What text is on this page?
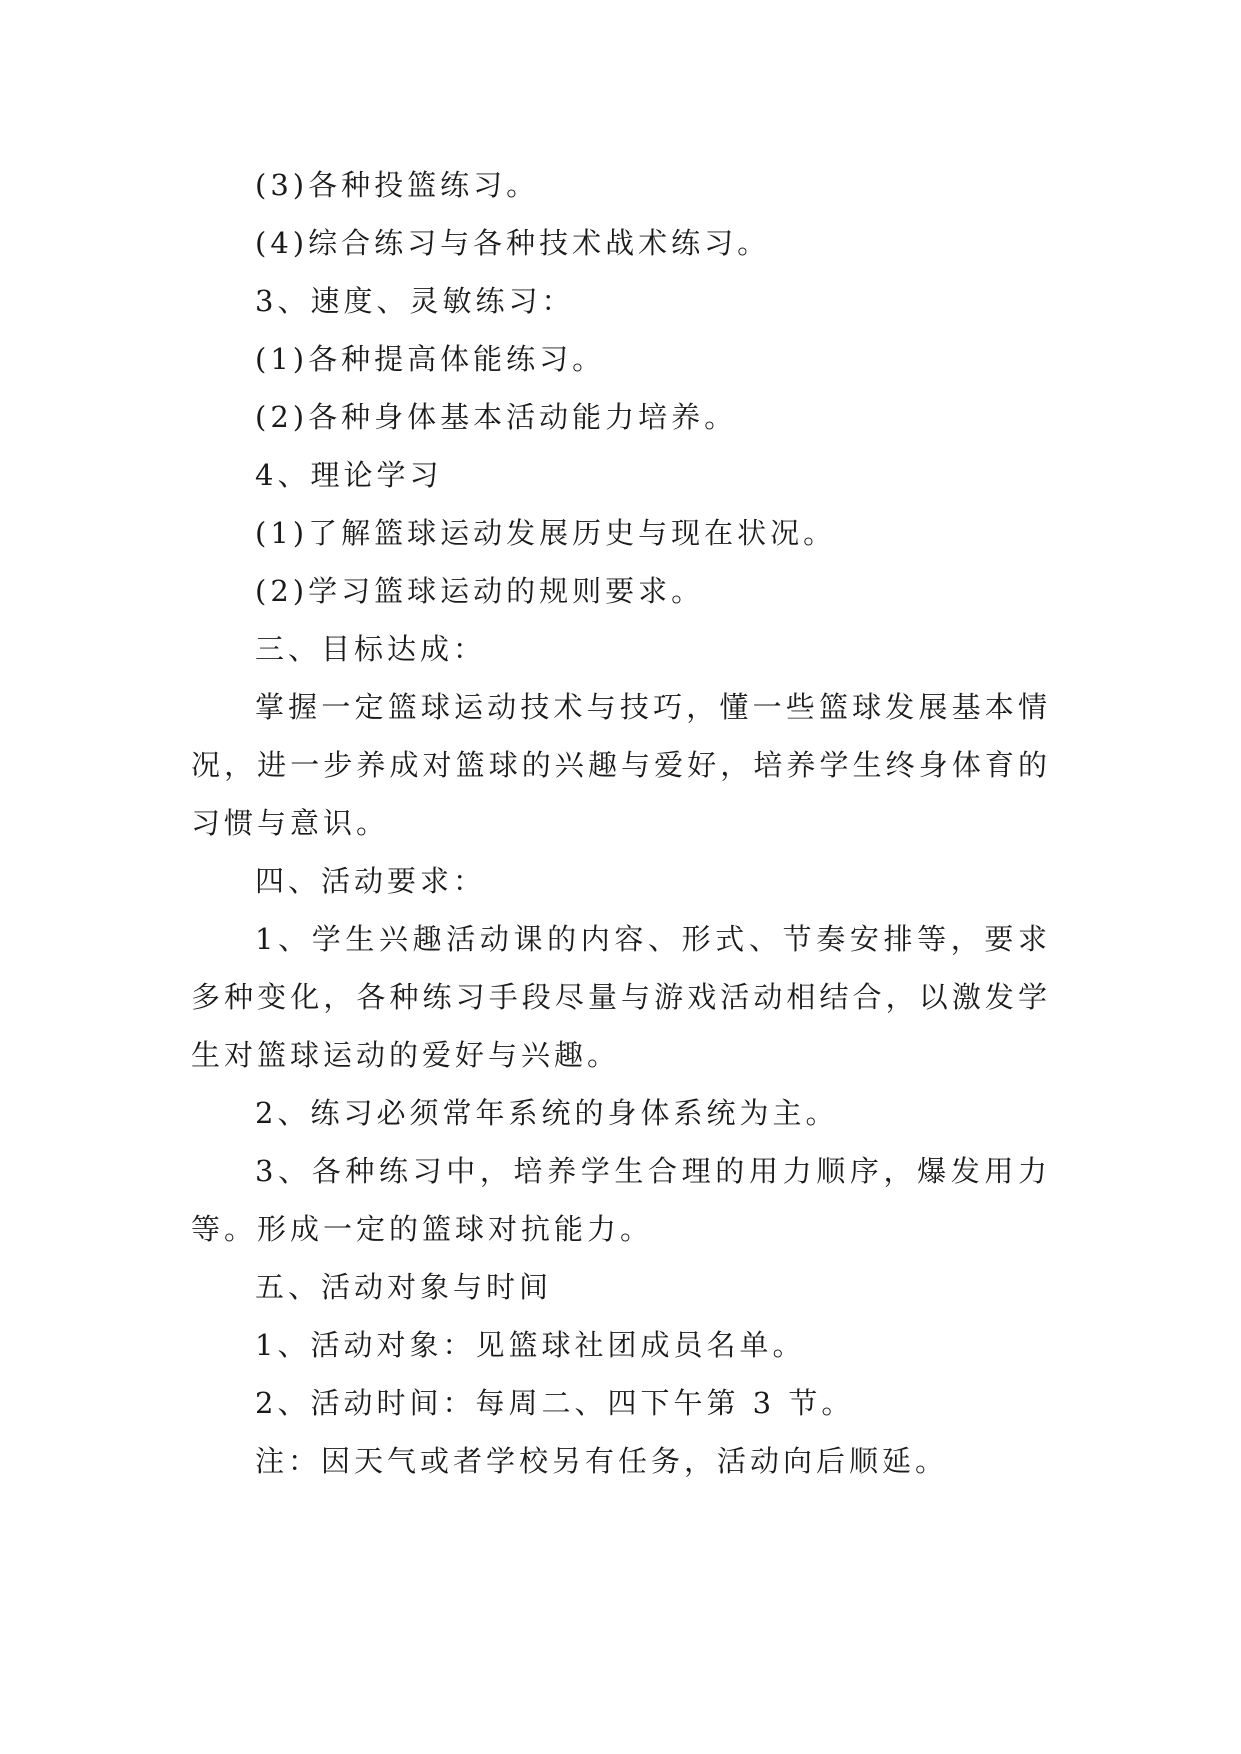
(3)各种投篮练习。
(4)综合练习与各种技术战术练习。
3、速度、灵敏练习：
(1)各种提高体能练习。
(2)各种身体基本活动能力培养。
4、理论学习
(1)了解篮球运动发展历史与现在状况。
(2)学习篮球运动的规则要求。
三、目标达成：

掌握一定篮球运动技术与技巧，懂一些篮球发展基本情况，进一步养成对篮球的兴趣与爱好，培养学生终身体育的习惯与意识。

四、活动要求：

1、学生兴趣活动课的内容、形式、节奏安排等，要求多种变化，各种练习手段尽量与游戏活动相结合，以激发学生对篮球运动的爱好与兴趣。

2、练习必须常年系统的身体系统为主。

3、各种练习中，培养学生合理的用力顺序，爆发用力等。形成一定的篮球对抗能力。

五、活动对象与时间
1、活动对象：见篮球社团成员名单。
2、活动时间：每周二、四下午第 3 节。
注：因天气或者学校另有任务，活动向后顺延。
